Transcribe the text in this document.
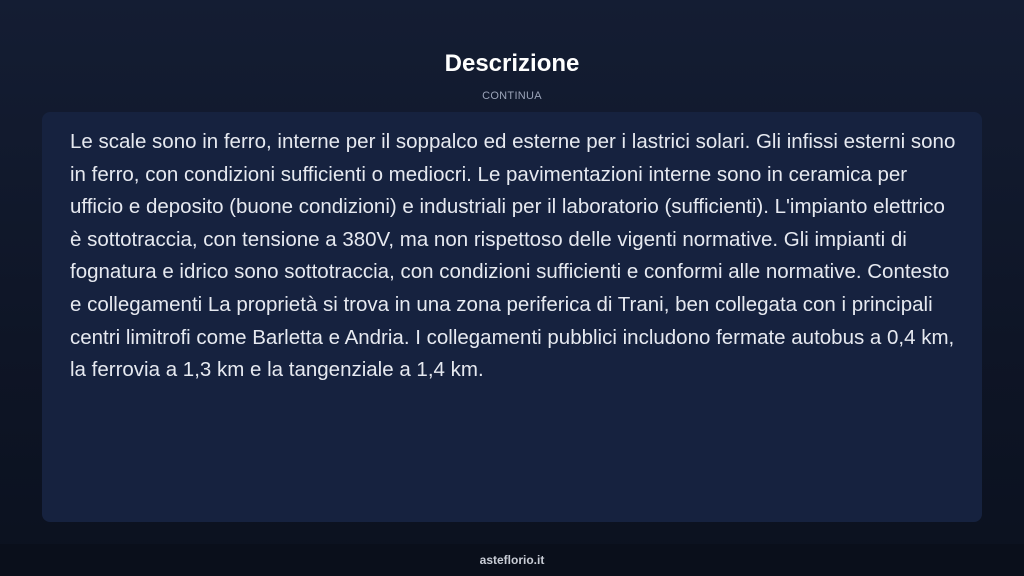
Descrizione
CONTINUA

Le scale sono in ferro, interne per il soppalco ed esterne per i lastrici solari. Gli infissi esterni sono in ferro, con condizioni sufficienti o mediocri. Le pavimentazioni interne sono in ceramica per ufficio e deposito (buone condizioni) e industriali per il laboratorio (sufficienti). L'impianto elettrico è sottotraccia, con tensione a 380V, ma non rispettoso delle vigenti normative. Gli impianti di fognatura e idrico sono sottotraccia, con condizioni sufficienti e conformi alle normative. Contesto e collegamenti La proprietà si trova in una zona periferica di Trani, ben collegata con i principali centri limitrofi come Barletta e Andria. I collegamenti pubblici includono fermate autobus a 0,4 km, la ferrovia a 1,3 km e la tangenziale a 1,4 km.

asteflorio.it
